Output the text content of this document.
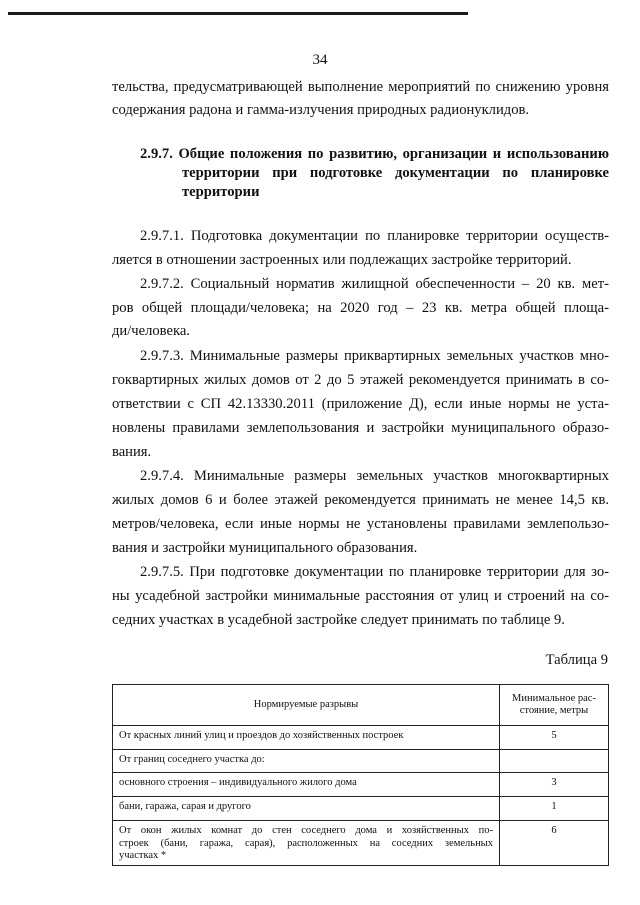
34
тельства, предусматривающей выполнение мероприятий по снижению уровня
содержания радона и гамма-излучения природных радионуклидов.
2.9.7. Общие положения по развитию, организации и использованию
территории при подготовке документации по планировке
территории
2.9.7.1. Подготовка документации по планировке территории осуществ-
ляется в отношении застроенных или подлежащих застройке территорий.
2.9.7.2. Социальный норматив жилищной обеспеченности – 20 кв. мет-
ров общей площади/человека; на 2020 год – 23 кв. метра общей площа-
ди/человека.
2.9.7.3. Минимальные размеры приквартирных земельных участков мно-
гоквартирных жилых домов от 2 до 5 этажей рекомендуется принимать в со-
ответствии с СП 42.13330.2011 (приложение Д), если иные нормы не уста-
новлены правилами землепользования и застройки муниципального образо-
вания.
2.9.7.4. Минимальные размеры земельных участков многоквартирных
жилых домов 6 и более этажей рекомендуется принимать не менее 14,5 кв.
метров/человека, если иные нормы не установлены правилами землепользо-
вания и застройки муниципального образования.
2.9.7.5. При подготовке документации по планировке территории для зо-
ны усадебной застройки минимальные расстояния от улиц и строений на со-
седних участках в усадебной застройке следует принимать по таблице 9.
Таблица 9
Нормируемые разрывы	Минимальное рас-стояние, метры
От красных линий улиц и проездов до хозяйственных построек	5
От границ соседнего участка до:	
основного строения – индивидуального жилого дома	3
бани, гаража, сарая и другого	1

От окон жилых комнат до стен соседнего дома и хозяйственных по-
строек (бани, гаража, сарая), расположенных на соседних земельных
участках *	6
